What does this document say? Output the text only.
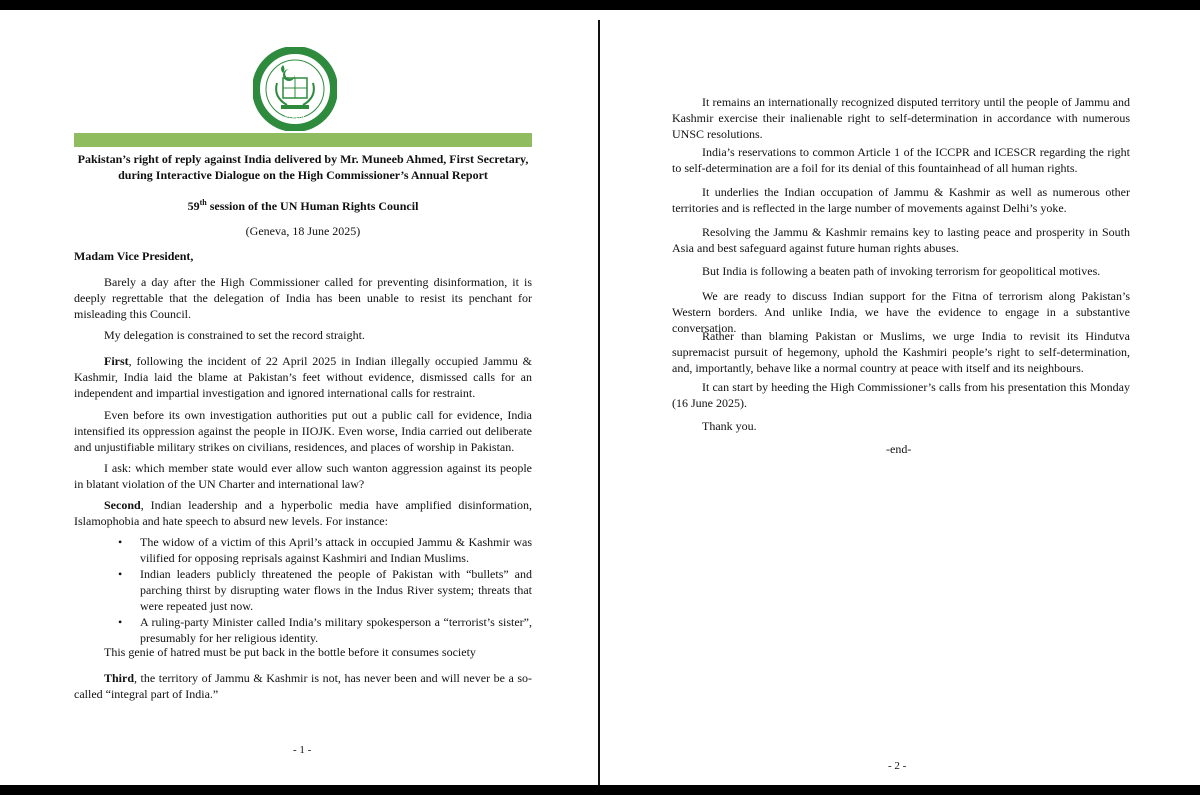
GENEVA
Pakistan’s right of reply against India delivered by Mr. Muneeb Ahmed, First Secretary,
during Interactive Dialogue on the High Commissioner’s Annual Report
59th session of the UN Human Rights Council
(Geneva, 18 June 2025)
Madam Vice President,

Barely a day after the High Commissioner called for preventing disinformation, it is deeply regrettable that the delegation of India has been unable to resist its penchant for misleading this Council.

My delegation is constrained to set the record straight.

First, following the incident of 22 April 2025 in Indian illegally occupied Jammu & Kashmir, India laid the blame at Pakistan’s feet without evidence, dismissed calls for an independent and impartial investigation and ignored international calls for restraint.

Even before its own investigation authorities put out a public call for evidence, India intensified its oppression against the people in IIOJK. Even worse, India carried out deliberate and unjustifiable military strikes on civilians, residences, and places of worship in Pakistan.

I ask: which member state would ever allow such wanton aggression against its people in blatant violation of the UN Charter and international law?

Second, Indian leadership and a hyperbolic media have amplified disinformation, Islamophobia and hate speech to absurd new levels. For instance:

• The widow of a victim of this April’s attack in occupied Jammu & Kashmir was vilified for opposing reprisals against Kashmiri and Indian Muslims.
• Indian leaders publicly threatened the people of Pakistan with “bullets” and parching thirst by disrupting water flows in the Indus River system; threats that were repeated just now.
• A ruling-party Minister called India’s military spokesperson a “terrorist’s sister”, presumably for her religious identity.

This genie of hatred must be put back in the bottle before it consumes society

Third, the territory of Jammu & Kashmir is not, has never been and will never be a so-called “integral part of India.”

- 1 -

It remains an internationally recognized disputed territory until the people of Jammu and Kashmir exercise their inalienable right to self-determination in accordance with numerous UNSC resolutions.

India’s reservations to common Article 1 of the ICCPR and ICESCR regarding the right to self-determination are a foil for its denial of this fountainhead of all human rights.

It underlies the Indian occupation of Jammu & Kashmir as well as numerous other territories and is reflected in the large number of movements against Delhi’s yoke.

Resolving the Jammu & Kashmir remains key to lasting peace and prosperity in South Asia and best safeguard against future human rights abuses.

But India is following a beaten path of invoking terrorism for geopolitical motives.

We are ready to discuss Indian support for the Fitna of terrorism along Pakistan’s Western borders. And unlike India, we have the evidence to engage in a substantive conversation.

Rather than blaming Pakistan or Muslims, we urge India to revisit its Hindutva supremacist pursuit of hegemony, uphold the Kashmiri people’s right to self-determination, and, importantly, behave like a normal country at peace with itself and its neighbours.

It can start by heeding the High Commissioner’s calls from his presentation this Monday (16 June 2025).

Thank you.

-end-
- 2 -
